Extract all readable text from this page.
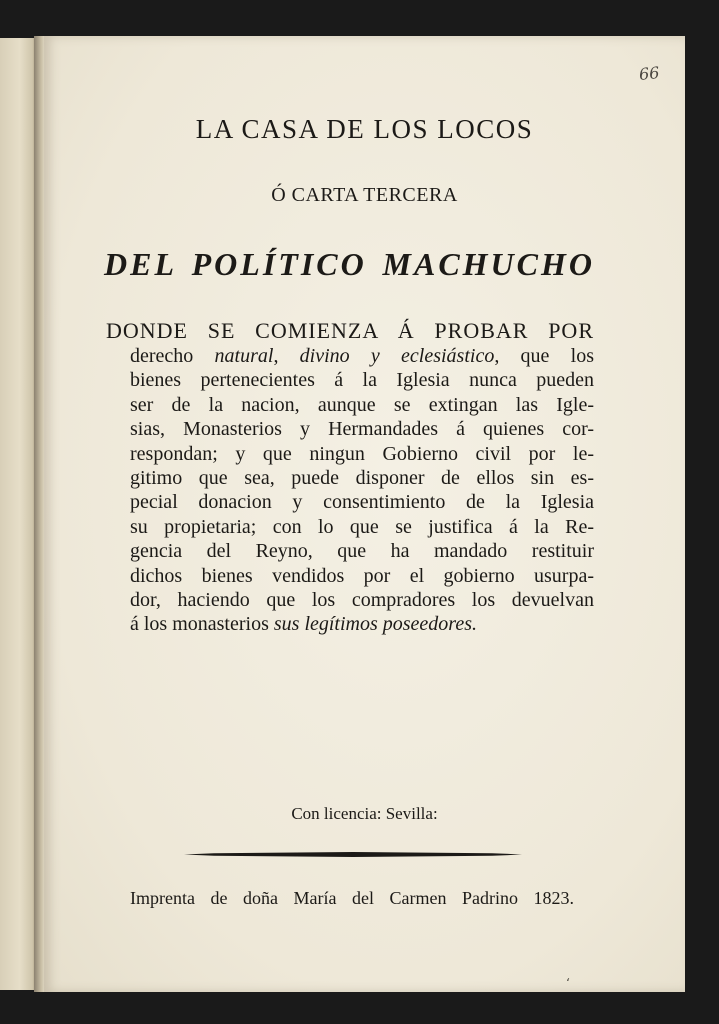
66
LA CASA DE LOS LOCOS
Ó CARTA TERCERA
DEL POLÍTICO MACHUCHO
DONDE SE COMIENZA Á PROBAR POR
derecho natural, divino y eclesiástico, que los
bienes pertenecientes á la Iglesia nunca pueden
ser de la nacion, aunque se extingan las Igle-
sias, Monasterios y Hermandades á quienes cor-
respondan; y que ningun Gobierno civil por le-
gitimo que sea, puede disponer de ellos sin es-
pecial donacion y consentimiento de la Iglesia
su propietaria; con lo que se justifica á la Re-
gencia del Reyno, que ha mandado restituir
dichos bienes vendidos por el gobierno usurpa-
dor, haciendo que los compradores los devuelvan
á los monasterios sus legítimos poseedores.
Con licencia: Sevilla:
Imprenta de doña María del Carmen Padrino 1823.
‘
